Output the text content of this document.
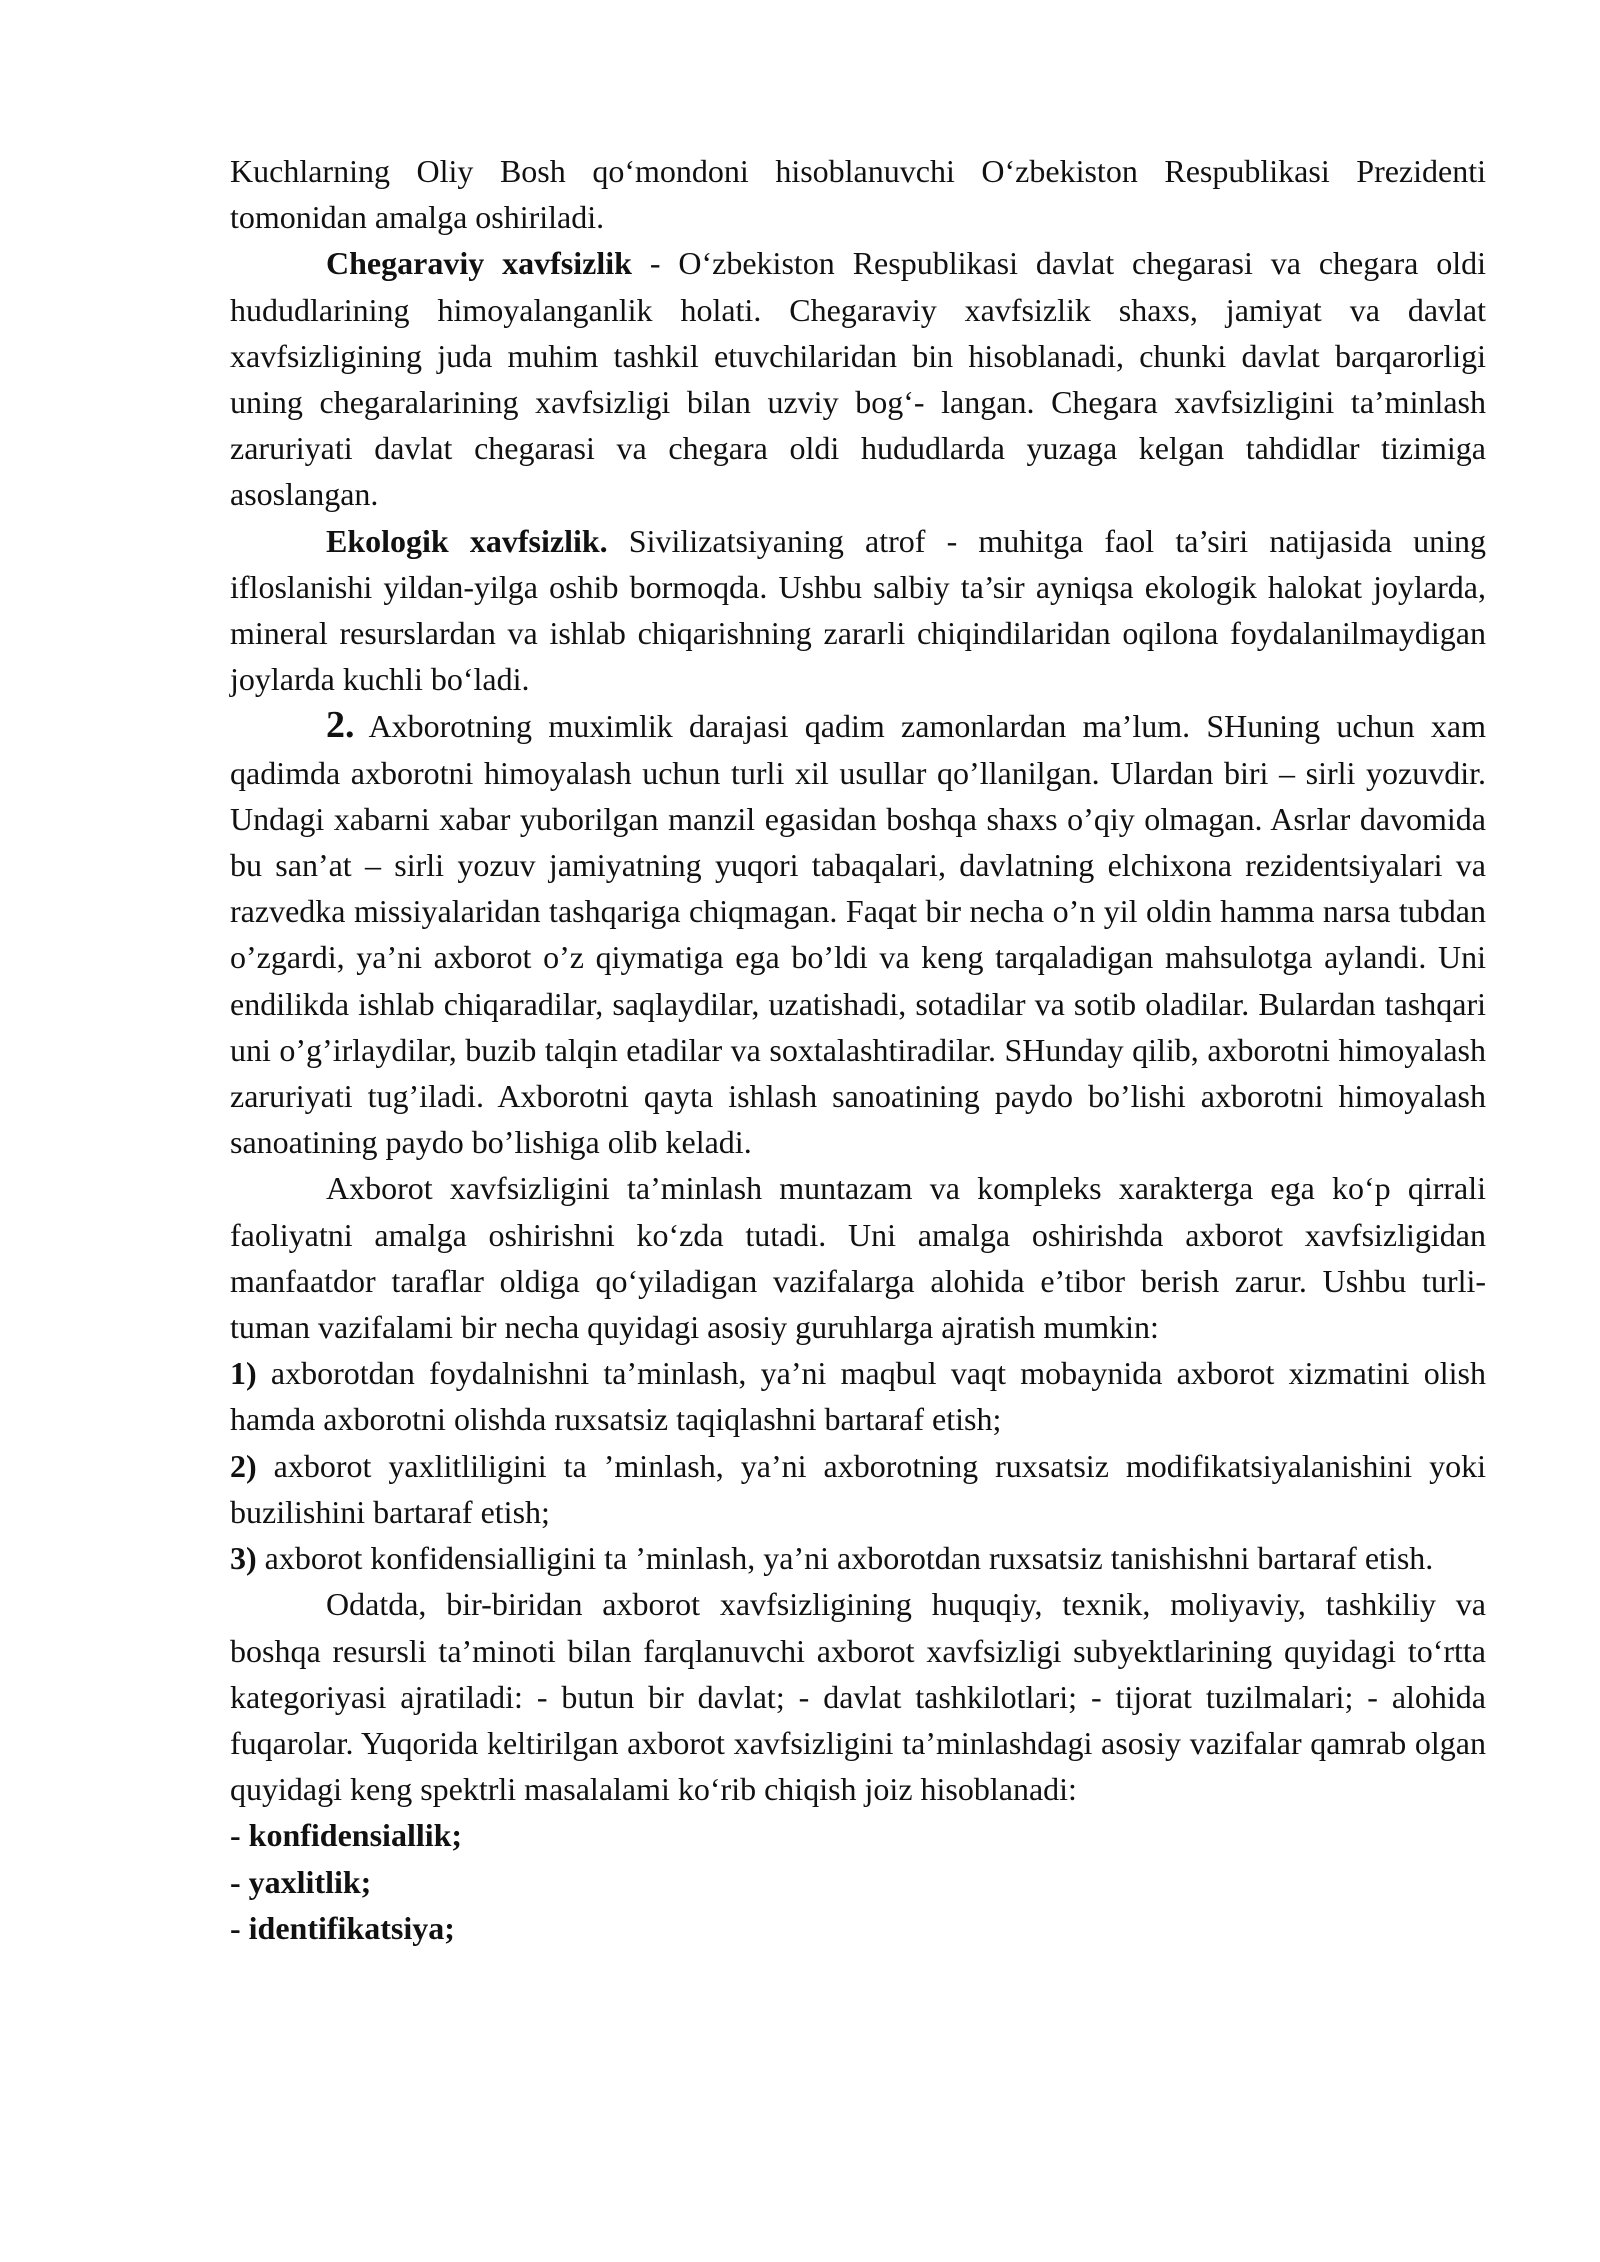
Kuchlarning Oliy Bosh qo‘mondoni hisoblanuvchi O‘zbekiston Respublikasi Prezidenti tomonidan amalga oshiriladi.

Chegaraviy xavfsizlik - O‘zbekiston Respublikasi davlat chegarasi va chegara oldi hududlarining himoyalanganlik holati. Chegaraviy xavfsizlik shaxs, jamiyat va davlat xavfsizligining juda muhim tashkil etuvchilaridan bin hisoblanadi, chunki davlat barqarorligi uning chegaralarining xavfsizligi bilan uzviy bog‘- langan. Chegara xavfsizligini ta’minlash zaruriyati davlat chegarasi va chegara oldi hududlarda yuzaga kelgan tahdidlar tizimiga asoslangan.

Ekologik xavfsizlik. Sivilizatsiyaning atrof - muhitga faol ta’siri natijasida uning ifloslanishi yildan-yilga oshib bormoqda. Ushbu salbiy ta’sir ayniqsa ekologik halokat joylarda, mineral resurslardan va ishlab chiqarishning zararli chiqindilaridan oqilona foydalanilmaydigan joylarda kuchli bo‘ladi.

2. Axborotning muximlik darajasi qadim zamonlardan ma’lum. SHuning uchun xam qadimda axborotni himoyalash uchun turli xil usullar qo’llanilgan. Ulardan biri – sirli yozuvdir. Undagi xabarni xabar yuborilgan manzil egasidan boshqa shaxs o’qiy olmagan. Asrlar davomida bu san’at – sirli yozuv jamiyatning yuqori tabaqalari, davlatning elchixona rezidentsiyalari va razvedka missiyalaridan tashqariga chiqmagan. Faqat bir necha o’n yil oldin hamma narsa tubdan o’zgardi, ya’ni axborot o’z qiymatiga ega bo’ldi va keng tarqaladigan mahsulotga aylandi. Uni endilikda ishlab chiqaradilar, saqlaydilar, uzatishadi, sotadilar va sotib oladilar. Bulardan tashqari uni o’g’irlaydilar, buzib talqin etadilar va soxtalashtiradilar. SHunday qilib, axborotni himoyalash zaruriyati tug’iladi. Axborotni qayta ishlash sanoatining paydo bo’lishi axborotni himoyalash sanoatining paydo bo’lishiga olib keladi.

Axborot xavfsizligini ta’minlash muntazam va kompleks xarakterga ega ko‘p qirrali faoliyatni amalga oshirishni ko‘zda tutadi. Uni amalga oshirishda axborot xavfsizligidan manfaatdor taraflar oldiga qo‘yiladigan vazifalarga alohida e’tibor berish zarur. Ushbu turli-tuman vazifalami bir necha quyidagi asosiy guruhlarga ajratish mumkin:

1) axborotdan foydalnishni ta’minlash, ya’ni maqbul vaqt mobaynida axborot xizmatini olish hamda axborotni olishda ruxsatsiz taqiqlashni bartaraf etish;

2) axborot yaxlitliligini ta ’minlash, ya’ni axborotning ruxsatsiz modifikatsiyalanishini yoki buzilishini bartaraf etish;

3) axborot konfidensialligini ta ’minlash, ya’ni axborotdan ruxsatsiz tanishishni bartaraf etish.

Odatda, bir-biridan axborot xavfsizligining huquqiy, texnik, moliyaviy, tashkiliy va boshqa resursli ta’minoti bilan farqlanuvchi axborot xavfsizligi subyektlarining quyidagi to‘rtta kategoriyasi ajratiladi: - butun bir davlat; - davlat tashkilotlari; - tijorat tuzilmalari; - alohida fuqarolar. Yuqorida keltirilgan axborot xavfsizligini ta’minlashdagi asosiy vazifalar qamrab olgan quyidagi keng spektrli masalalami ko‘rib chiqish joiz hisoblanadi:

- konfidensiallik;

- yaxlitlik;

- identifikatsiya;
